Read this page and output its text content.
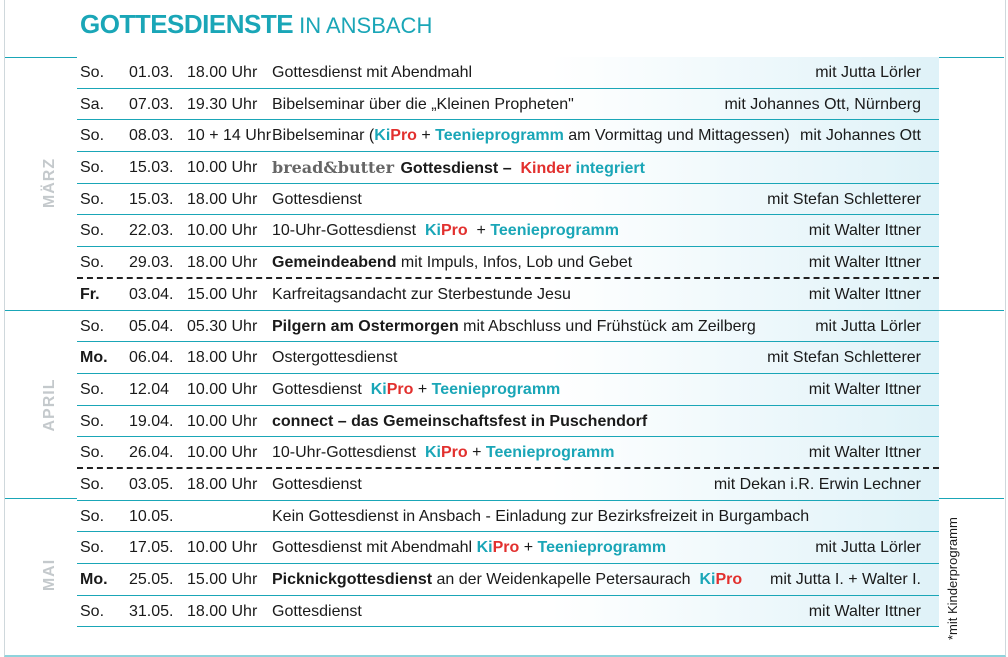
GOTTESDIENSTE IN ANSBACH
MÄRZ
APRIL
MAI
So.	01.03. 18.00 Uhr Gottesdienst mit Abendmahl	mit Jutta Lörler
Sa.	07.03. 19.30 Uhr Bibelseminar über die „Kleinen Propheten"	mit Johannes Ott, Nürnberg
So.	08.03. 10 + 14 Uhr Bibelseminar (KiPro + Teenieprogramm am Vormittag und Mittagessen) mit Johannes Ott
So.	15.03. 10.00 Uhr bread&butter Gottesdienst – Kinder integriert
So.	15.03. 18.00 Uhr Gottesdienst	mit Stefan Schletterer
So.	22.03. 10.00 Uhr 10-Uhr-Gottesdienst KiPro + Teenieprogramm	mit Walter Ittner
So.	29.03. 18.00 Uhr Gemeindeabend mit Impuls, Infos, Lob und Gebet	mit Walter Ittner
Fr.	03.04. 15.00 Uhr Karfreitagsandacht zur Sterbestunde Jesu	mit Walter Ittner
So.	05.04. 05.30 Uhr Pilgern am Ostermorgen mit Abschluss und Frühstück am Zeilberg	mit Jutta Lörler
Mo.	06.04. 18.00 Uhr Ostergottesdienst	mit Stefan Schletterer
So.	12.04	10.00 Uhr Gottesdienst KiPro + Teenieprogramm	mit Walter Ittner
So.	19.04. 10.00 Uhr connect – das Gemeinschaftsfest in Puschendorf
So.	26.04. 10.00 Uhr 10-Uhr-Gottesdienst KiPro + Teenieprogramm	mit Walter Ittner
So.	03.05. 18.00 Uhr Gottesdienst	mit Dekan i.R. Erwin Lechner
So.	10.05.	Kein Gottesdienst in Ansbach - Einladung zur Bezirksfreizeit in Burgambach
So.	17.05. 10.00 Uhr Gottesdienst mit Abendmahl KiPro + Teenieprogramm	mit Jutta Lörler
Mo.	25.05. 15.00 Uhr Picknickgottesdienst an der Weidenkapelle Petersaurach KiPro mit Jutta I. + Walter I.
So.	31.05. 18.00 Uhr Gottesdienst	mit Walter Ittner *mit Kinderprogramm
